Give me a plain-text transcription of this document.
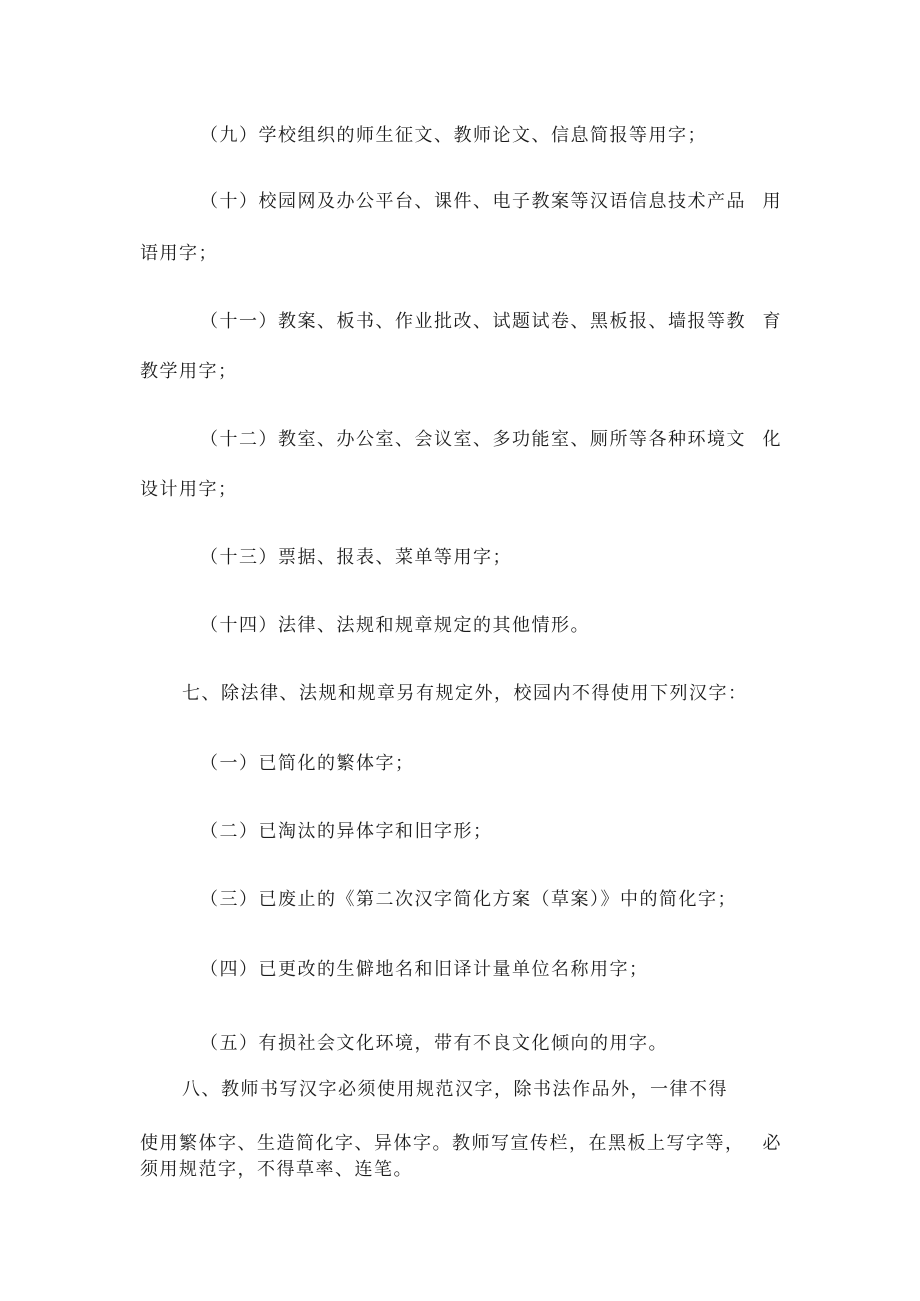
（九）学校组织的师生征文、教师论文、信息简报等用字；
（十）校园网及办公平台、课件、电子教案等汉语信息技术产品 用
语用字；
（十一）教案、板书、作业批改、试题试卷、黑板报、墙报等教 育
教学用字；
（十二）教室、办公室、会议室、多功能室、厕所等各种环境文 化
设计用字；
（十三）票据、报表、菜单等用字；
（十四）法律、法规和规章规定的其他情形。
七、除法律、法规和规章另有规定外，校园内不得使用下列汉字：
（一）已简化的繁体字；
（二）已淘汰的异体字和旧字形；
（三）已废止的《第二次汉字简化方案（草案）》中的简化字；
（四）已更改的生僻地名和旧译计量单位名称用字；
（五）有损社会文化环境，带有不良文化倾向的用字。
八、教师书写汉字必须使用规范汉字，除书法作品外，一律不得
使用繁体字、生造简化字、异体字。教师写宣传栏，在黑板上写字等， 必
须用规范字，不得草率、连笔。
